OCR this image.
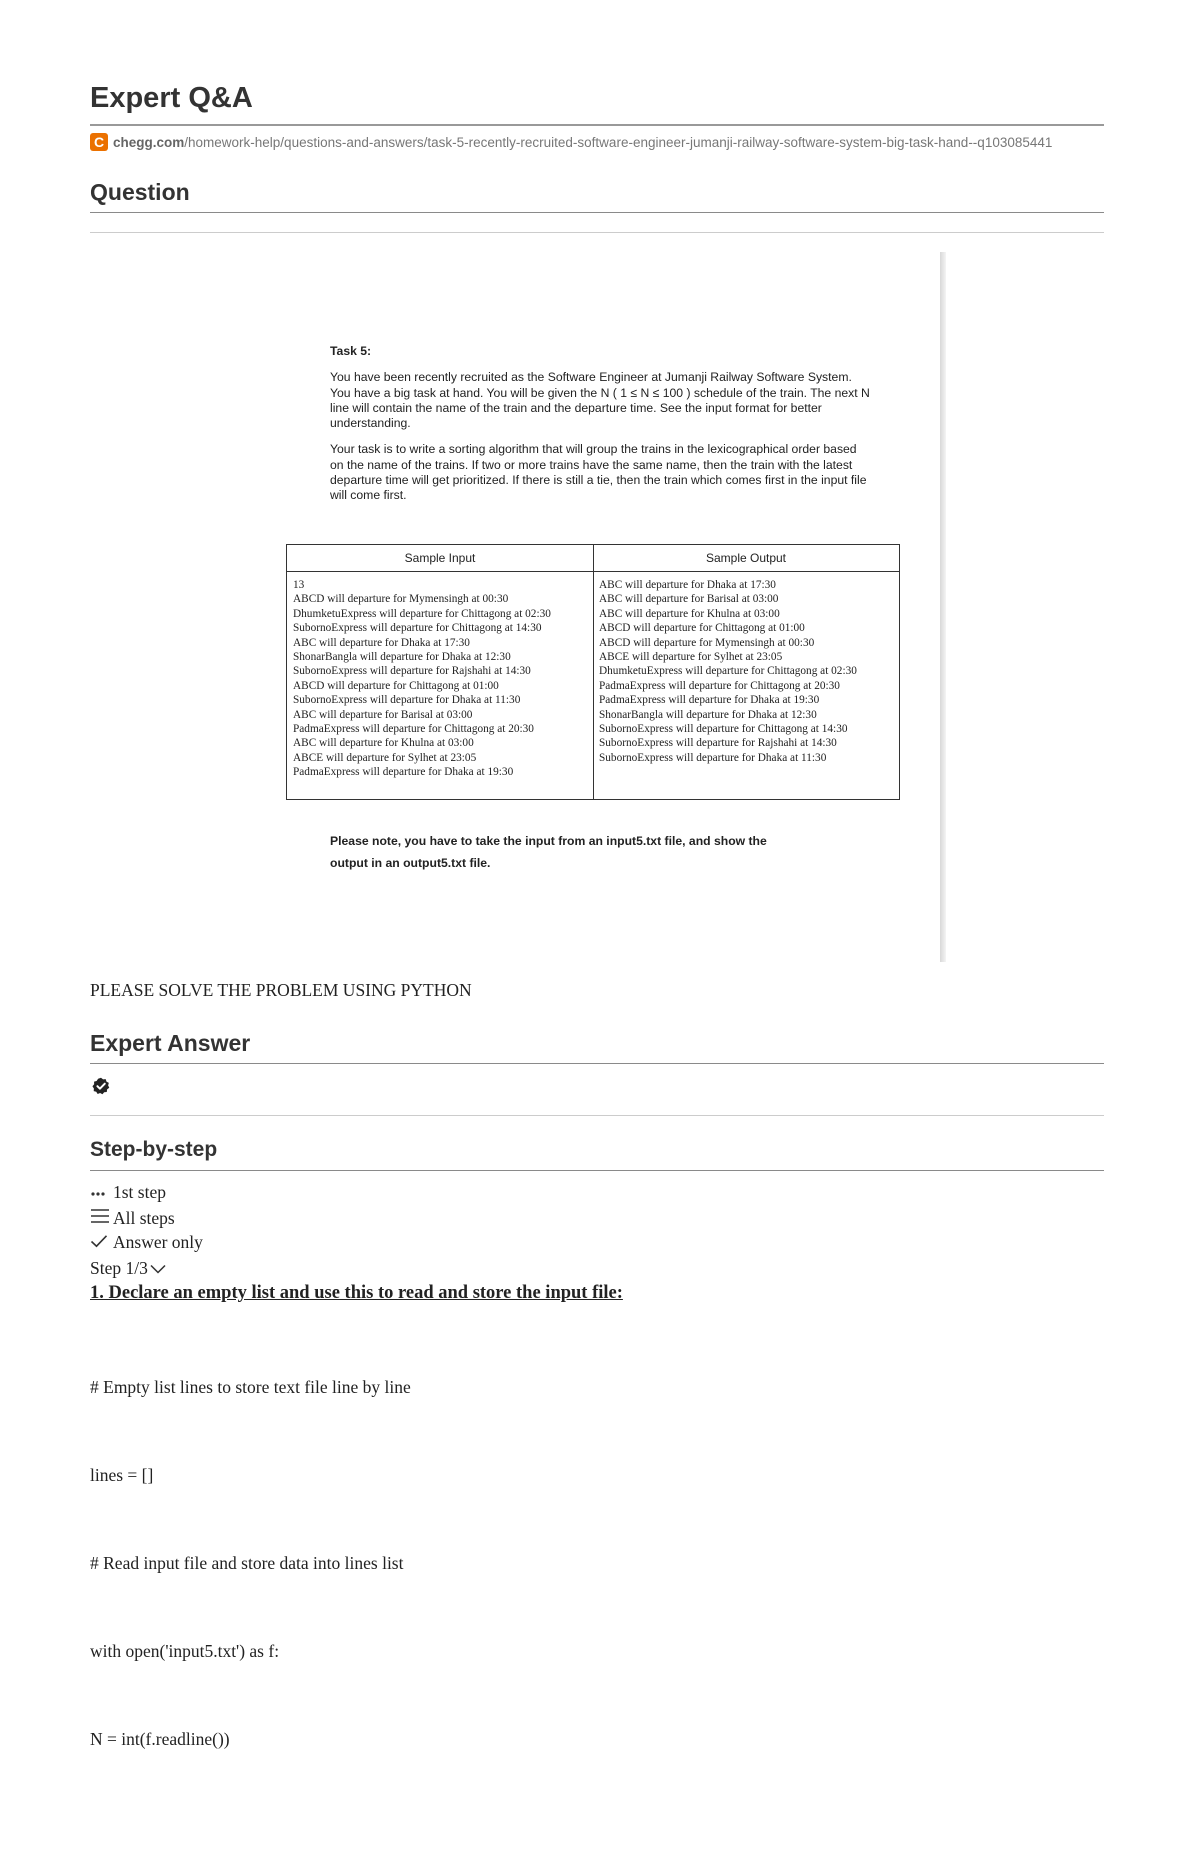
Expert Q&A
C chegg.com /homework-help/questions-and-answers/task-5-recently-recruited-software-engineer-jumanji-railway-software-system-big-task-hand--q103085441
Question
Task 5:

You have been recently recruited as the Software Engineer at Jumanji Railway Software System. You have a big task at hand. You will be given the N ( 1 ≤ N ≤ 100 ) schedule of the train. The next N line will contain the name of the train and the departure time. See the input format for better understanding.

Your task is to write a sorting algorithm that will group the trains in the lexicographical order based on the name of the trains. If two or more trains have the same name, then the train with the latest departure time will get prioritized. If there is still a tie, then the train which comes first in the input file will come first.

Sample Input	Sample Output
13
ABCD will departure for Mymensingh at 00:30
DhumketuExpress will departure for Chittagong at 02:30
SubornoExpress will departure for Chittagong at 14:30
ABC will departure for Dhaka at 17:30
ShonarBangla will departure for Dhaka at 12:30
SubornoExpress will departure for Rajshahi at 14:30
ABCD will departure for Chittagong at 01:00
SubornoExpress will departure for Dhaka at 11:30
ABC will departure for Barisal at 03:00
PadmaExpress will departure for Chittagong at 20:30
ABC will departure for Khulna at 03:00
ABCE will departure for Sylhet at 23:05
PadmaExpress will departure for Dhaka at 19:30
ABC will departure for Dhaka at 17:30
ABC will departure for Barisal at 03:00
ABC will departure for Khulna at 03:00
ABCD will departure for Chittagong at 01:00
ABCD will departure for Mymensingh at 00:30
ABCE will departure for Sylhet at 23:05
DhumketuExpress will departure for Chittagong at 02:30
PadmaExpress will departure for Chittagong at 20:30
PadmaExpress will departure for Dhaka at 19:30
ShonarBangla will departure for Dhaka at 12:30
SubornoExpress will departure for Chittagong at 14:30
SubornoExpress will departure for Rajshahi at 14:30
SubornoExpress will departure for Dhaka at 11:30
Please note, you have to take the input from an input5.txt file, and show the
output in an output5.txt file.
PLEASE SOLVE THE PROBLEM USING PYTHON
Expert Answer
Step-by-step
1st step
All steps
Answer only
Step 1/3
1. Declare an empty list and use this to read and store the input file:
# Empty list lines to store text file line by line
lines = []
# Read input file and store data into lines list
with open('input5.txt') as f:
N = int(f.readline())
